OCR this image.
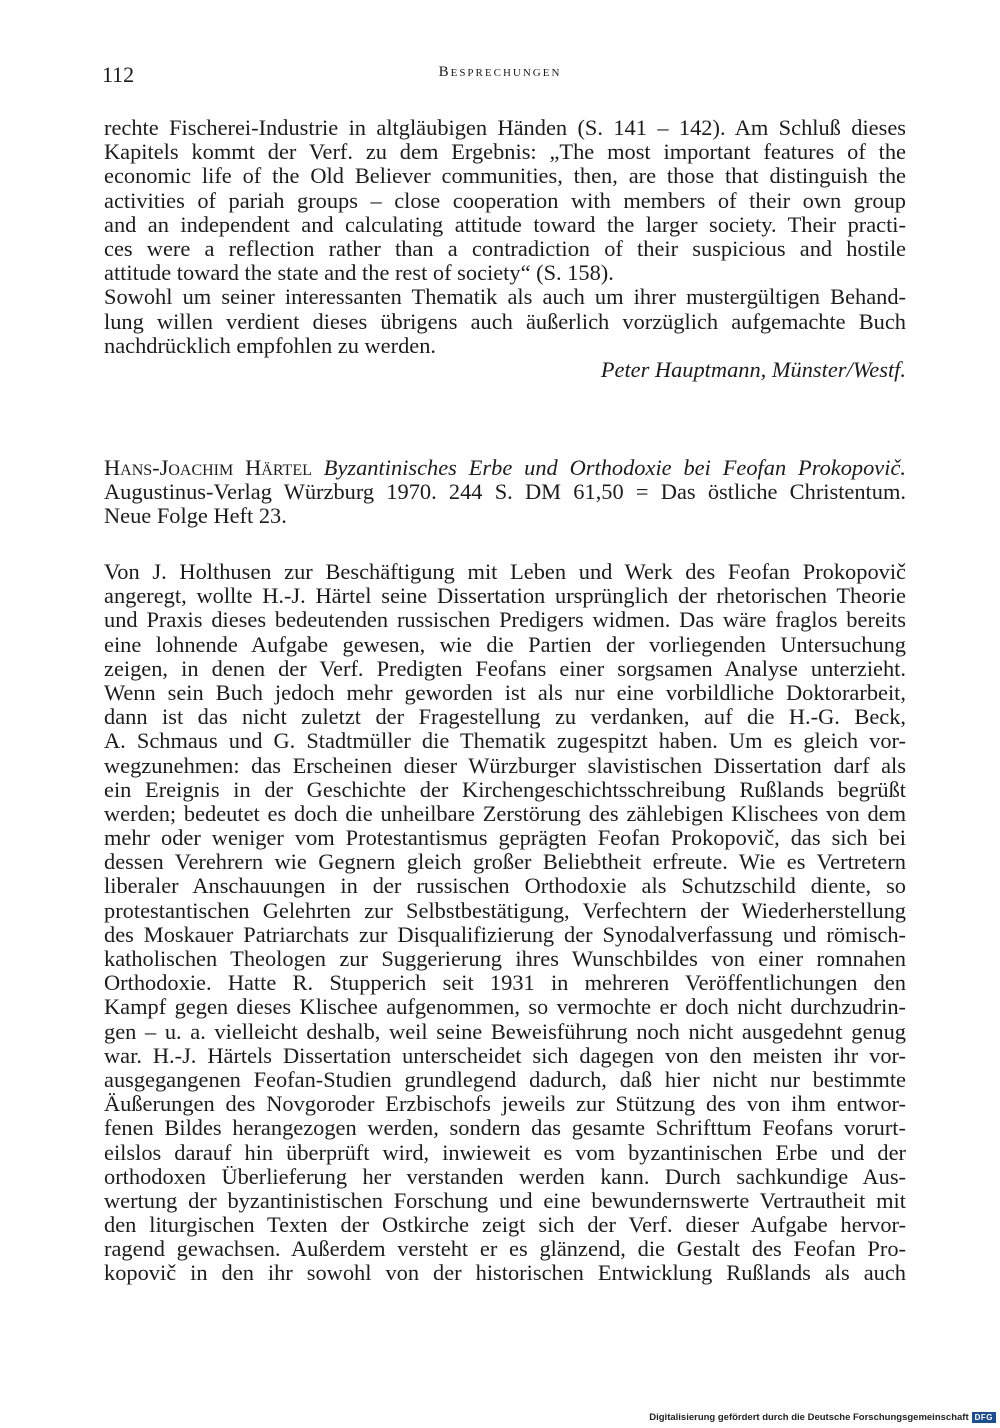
112	Besprechungen
rechte Fischerei-Industrie in altgläubigen Händen (S. 141 – 142). Am Schluß dieses
Kapitels kommt der Verf. zu dem Ergebnis: „The most important features of the
economic life of the Old Believer communities, then, are those that distinguish the
activities of pariah groups – close cooperation with members of their own group
and an independent and calculating attitude toward the larger society. Their practi-
ces were a reflection rather than a contradiction of their suspicious and hostile
attitude toward the state and the rest of society“ (S. 158).
Sowohl um seiner interessanten Thematik als auch um ihrer mustergültigen Behand-
lung willen verdient dieses übrigens auch äußerlich vorzüglich aufgemachte Buch
nachdrücklich empfohlen zu werden.
Peter Hauptmann, Münster/Westf.
Hans-Joachim Härtel Byzantinisches Erbe und Orthodoxie bei Feofan Prokopovič.
Augustinus-Verlag Würzburg 1970. 244 S. DM 61,50 = Das östliche Christentum.
Neue Folge Heft 23.
Von J. Holthusen zur Beschäftigung mit Leben und Werk des Feofan Prokopovič
angeregt, wollte H.-J. Härtel seine Dissertation ursprünglich der rhetorischen Theorie
und Praxis dieses bedeutenden russischen Predigers widmen. Das wäre fraglos bereits
eine lohnende Aufgabe gewesen, wie die Partien der vorliegenden Untersuchung
zeigen, in denen der Verf. Predigten Feofans einer sorgsamen Analyse unterzieht.
Wenn sein Buch jedoch mehr geworden ist als nur eine vorbildliche Doktorarbeit,
dann ist das nicht zuletzt der Fragestellung zu verdanken, auf die H.-G. Beck,
A. Schmaus und G. Stadtmüller die Thematik zugespitzt haben. Um es gleich vor-
wegzunehmen: das Erscheinen dieser Würzburger slavistischen Dissertation darf als
ein Ereignis in der Geschichte der Kirchengeschichtsschreibung Rußlands begrüßt
werden; bedeutet es doch die unheilbare Zerstörung des zählebigen Klischees von dem
mehr oder weniger vom Protestantismus geprägten Feofan Prokopovič, das sich bei
dessen Verehrern wie Gegnern gleich großer Beliebtheit erfreute. Wie es Vertretern
liberaler Anschauungen in der russischen Orthodoxie als Schutzschild diente, so
protestantischen Gelehrten zur Selbstbestätigung, Verfechtern der Wiederherstellung
des Moskauer Patriarchats zur Disqualifizierung der Synodalverfassung und römisch-
katholischen Theologen zur Suggerierung ihres Wunschbildes von einer romnahen
Orthodoxie. Hatte R. Stupperich seit 1931 in mehreren Veröffentlichungen den
Kampf gegen dieses Klischee aufgenommen, so vermochte er doch nicht durchzudrin-
gen – u. a. vielleicht deshalb, weil seine Beweisführung noch nicht ausgedehnt genug
war. H.-J. Härtels Dissertation unterscheidet sich dagegen von den meisten ihr vor-
ausgegangenen Feofan-Studien grundlegend dadurch, daß hier nicht nur bestimmte
Äußerungen des Novgoroder Erzbischofs jeweils zur Stützung des von ihm entwor-
fenen Bildes herangezogen werden, sondern das gesamte Schrifttum Feofans vorurt-
eilslos darauf hin überprüft wird, inwieweit es vom byzantinischen Erbe und der
orthodoxen Überlieferung her verstanden werden kann. Durch sachkundige Aus-
wertung der byzantinistischen Forschung und eine bewundernswerte Vertrautheit mit
den liturgischen Texten der Ostkirche zeigt sich der Verf. dieser Aufgabe hervor-
ragend gewachsen. Außerdem versteht er es glänzend, die Gestalt des Feofan Pro-
kopovič in den ihr sowohl von der historischen Entwicklung Rußlands als auch
Digitalisierung gefördert durch die Deutsche Forschungsgemeinschaft DFG
